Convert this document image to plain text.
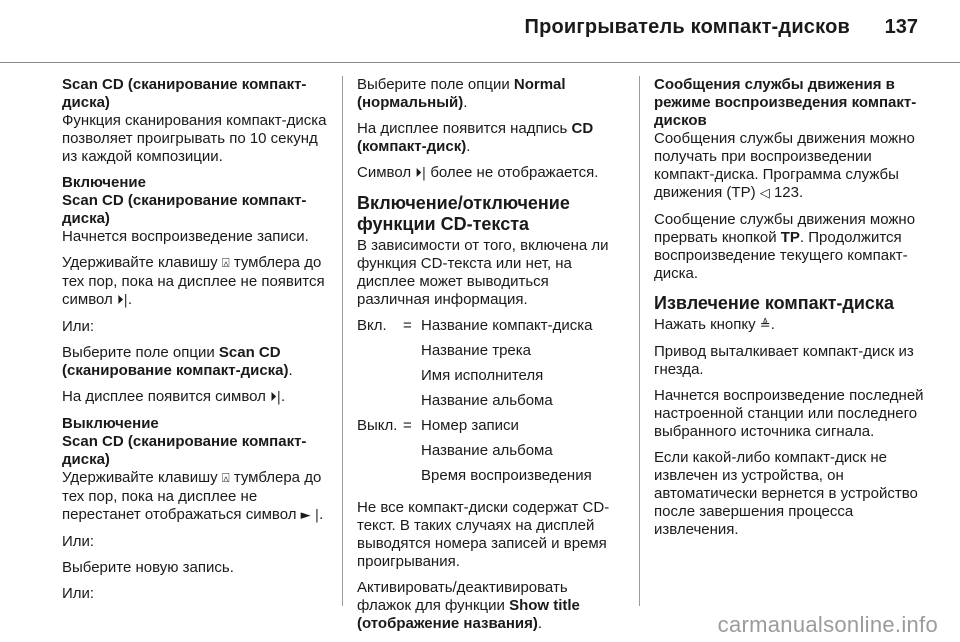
Проигрыватель компакт-дисков 137

Scan CD (сканирование компакт-диска)

Функция сканирования компакт-диска позволяет проигрывать по 10 секунд из каждой композиции.

Включение

Scan CD (сканирование компакт-диска)

Начнется воспроизведение записи.

Удерживайте клавишу ⍓ тумблера до тех пор, пока на дисплее не появится символ ⏵|.

Или:

Выберите поле опции Scan CD (сканирование компакт-диска).

На дисплее появится символ ⏵|.

Выключение

Scan CD (сканирование компакт-диска)

Удерживайте клавишу ⍓ тумблера до тех пор, пока на дисплее не перестанет отображаться символ ► |.

Или:

Выберите новую запись.

Или:

Выберите поле опции Normal (нормальный).

На дисплее появится надпись CD (компакт-диск).

Символ ⏵| более не отображается.

Включение/отключение функции CD-текста

В зависимости от того, включена ли функция CD-текста или нет, на дисплее может выводиться различная информация.

Вкл.	= Название компакт-диска
Название трека
Имя исполнителя
Название альбома
Выкл. = Номер записи
Название альбома
Время воспроизведения

Не все компакт-диски содержат CD-текст. В таких случаях на дисплей выводятся номера записей и время проигрывания.

Активировать/деактивировать флажок для функции Show title (отображение названия).

Сообщения службы движения в режиме воспроизведения компакт-дисков

Сообщения службы движения можно получать при воспроизведении компакт-диска. Программа службы движения (TP) ◁ 123.

Сообщение службы движения можно прервать кнопкой TP. Продолжится воспроизведение текущего компакт-диска.

Извлечение компакт-диска

Нажать кнопку ≜.

Привод выталкивает компакт-диск из гнезда.

Начнется воспроизведение последней настроенной станции или последнего выбранного источника сигнала.

Если какой-либо компакт-диск не извлечен из устройства, он автоматически вернется в устройство после завершения процесса извлечения.

carmanualsonline.info
